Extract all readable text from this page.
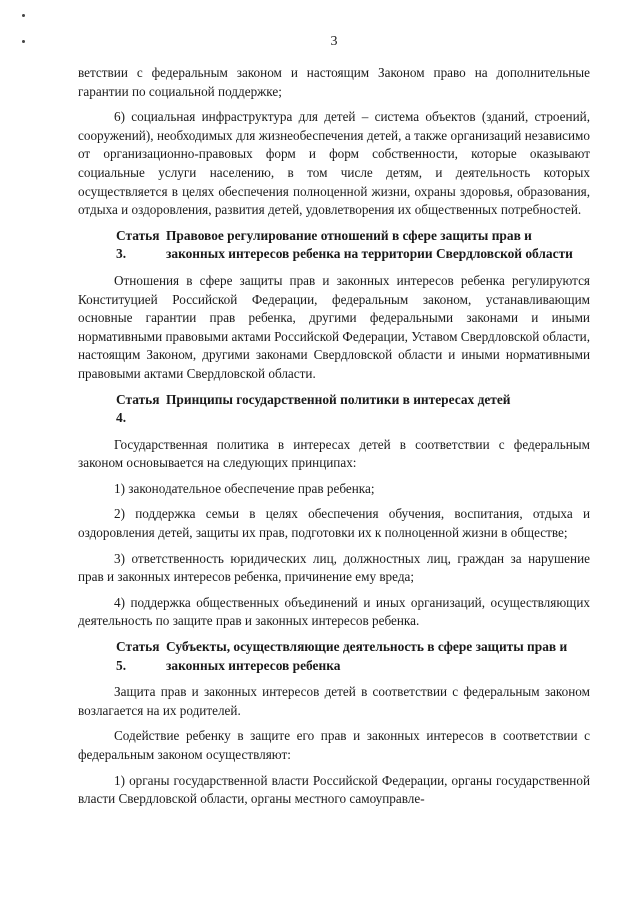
3

ветствии с федеральным законом и настоящим Законом право на дополнительные гарантии по социальной поддержке;

6) социальная инфраструктура для детей – система объектов (зданий, строений, сооружений), необходимых для жизнеобеспечения детей, а также организаций независимо от организационно-правовых форм и форм собственности, которые оказывают социальные услуги населению, в том числе детям, и деятельность которых осуществляется в целях обеспечения полноценной жизни, охраны здоровья, образования, отдыха и оздоровления, развития детей, удовлетворения их общественных потребностей.

Статья 3.Правовое регулирование отношений в сфере защиты прав и законных интересов ребенка на территории Свердловской области

Отношения в сфере защиты прав и законных интересов ребенка регулируются Конституцией Российской Федерации, федеральным законом, устанавливающим основные гарантии прав ребенка, другими федеральными законами и иными нормативными правовыми актами Российской Федерации, Уставом Свердловской области, настоящим Законом, другими законами Свердловской области и иными нормативными правовыми актами Свердловской области.

Статья 4.Принципы государственной политики в интересах детей

Государственная политика в интересах детей в соответствии с федеральным законом основывается на следующих принципах:

1) законодательное обеспечение прав ребенка;

2) поддержка семьи в целях обеспечения обучения, воспитания, отдыха и оздоровления детей, защиты их прав, подготовки их к полноценной жизни в обществе;

3) ответственность юридических лиц, должностных лиц, граждан за нарушение прав и законных интересов ребенка, причинение ему вреда;

4) поддержка общественных объединений и иных организаций, осуществляющих деятельность по защите прав и законных интересов ребенка.

Статья 5.Субъекты, осуществляющие деятельность в сфере защиты прав и законных интересов ребенка

Защита прав и законных интересов детей в соответствии с федеральным законом возлагается на их родителей.

Содействие ребенку в защите его прав и законных интересов в соответствии с федеральным законом осуществляют:

1) органы государственной власти Российской Федерации, органы государственной власти Свердловской области, органы местного самоуправле-
